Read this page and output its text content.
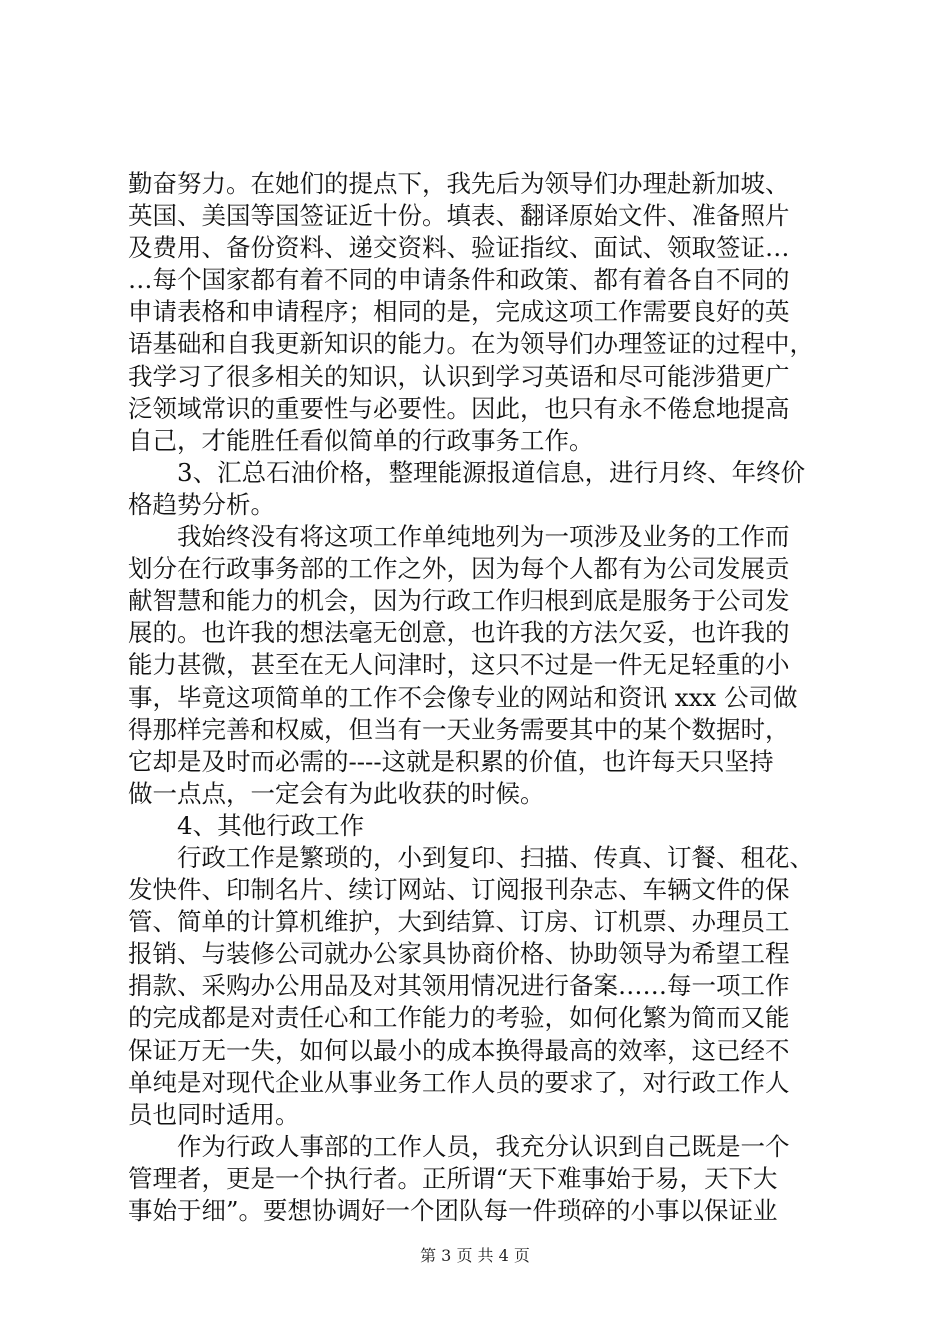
勤奋努力。在她们的提点下，我先后为领导们办理赴新加坡、
英国、美国等国签证近十份。填表、翻译原始文件、准备照片
及费用、备份资料、递交资料、验证指纹、面试、领取签证…
…每个国家都有着不同的申请条件和政策、都有着各自不同的
申请表格和申请程序；相同的是，完成这项工作需要良好的英
语基础和自我更新知识的能力。在为领导们办理签证的过程中，
我学习了很多相关的知识，认识到学习英语和尽可能涉猎更广
泛领域常识的重要性与必要性。因此，也只有永不倦怠地提高
自己，才能胜任看似简单的行政事务工作。
3、汇总石油价格，整理能源报道信息，进行月终、年终价
格趋势分析。
我始终没有将这项工作单纯地列为一项涉及业务的工作而
划分在行政事务部的工作之外，因为每个人都有为公司发展贡
献智慧和能力的机会，因为行政工作归根到底是服务于公司发
展的。也许我的想法毫无创意，也许我的方法欠妥，也许我的
能力甚微，甚至在无人问津时，这只不过是一件无足轻重的小
事，毕竟这项简单的工作不会像专业的网站和资讯 xxx 公司做
得那样完善和权威，但当有一天业务需要其中的某个数据时，
它却是及时而必需的----这就是积累的价值，也许每天只坚持
做一点点，一定会有为此收获的时候。
4、其他行政工作
行政工作是繁琐的，小到复印、扫描、传真、订餐、租花、
发快件、印制名片、续订网站、订阅报刊杂志、车辆文件的保
管、简单的计算机维护，大到结算、订房、订机票、办理员工
报销、与装修公司就办公家具协商价格、协助领导为希望工程
捐款、采购办公用品及对其领用情况进行备案……每一项工作
的完成都是对责任心和工作能力的考验，如何化繁为简而又能
保证万无一失，如何以最小的成本换得最高的效率，这已经不
单纯是对现代企业从事业务工作人员的要求了，对行政工作人
员也同时适用。
作为行政人事部的工作人员，我充分认识到自己既是一个
管理者，更是一个执行者。正所谓“天下难事始于易，天下大
事始于细”。要想协调好一个团队每一件琐碎的小事以保证业
第 3 页 共 4 页
